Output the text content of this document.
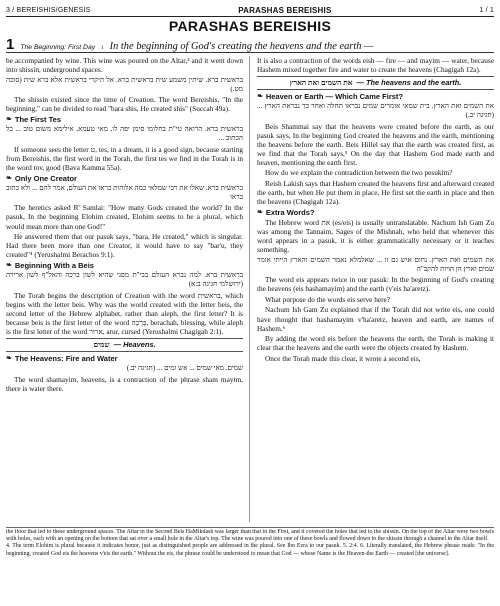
3 / BEREISHIS/GENESIS	PARASHAS BEREISHIS	1 / 1
PARASHAS BEREISHIS
1 The Beginning: First Day 1 In the beginning of God's creating the heavens and the earth —

be accompanied by wine. This wine was poured on the Altar,³ and it went down into shissin, underground spaces.

בראשית ברא. שיתין משמע שית בראשית ברא. אל תיקרי בראשית אלא ברא שית (סוכה מט.)

The shissin existed since the time of Creation. The word Bereishis, "In the beginning," can be divided to read "bara shis, He created shis" (Succah 49a).

❧ The First Tes

בראשית ברא. הרואה טי"ת בחלומו סימן יפה לו, מאי טעמא, אילימא משום טוב ... כל הכתוב ...

If someone sees the letter ט, tes, in a dream, it is a good sign, because starting from Bereishis, the first word in the Torah, the first tes we find in the Torah is in the word tov, good (Bava Kamma 55a).

❧ Only One Creator

בראשית ברא. שאלו את רבי שמלאי כמה אלוהות בראו את העולם, אמר להם ... ולא כתוב בראו

The heretics asked R' Samlai: "How many Gods created the world? In the pasuk, In the beginning Elohim created, Elohim seems to be a plural, which would mean more than one God!"

He answered them that our pasuk says, "bara, He created," which is singular. Had there been more than one Creator, it would have to say "bar'u, they created"⁴ (Yerushalmi Berachos 9:1).

❧ Beginning With a Beis

בראשית ברא. למה נברא העולם בבי"ת מפני שהיא לשון ברכה והאל"ף לשון ארירה (ירושלמי חגיגה ב:א)

The Torah begins the description of Creation with the word בראשית, which begins with the letter beis. Why was the world created with the letter beis, the second letter of the Hebrew alphabet, rather than aleph, the first letter? It is because beis is the first letter of the word בְּרָכָה, berachah, blessing, while aleph is the first letter of the word ארור, arur, cursed (Yerushalmi Chagigah 2:1).

שמים — Heavens.
❧ The Heavens: Fire and Water

שמים. מאי שמים ... אש ומים ... (חגיגה יב.)

The word shamayim, heavens, is a contraction of the phrase sham mayim, there is water there.

It is also a contraction of the words eish — fire — and mayim — water, because Hashem mixed together fire and water to create the heavens (Chagigah 12a).

את השמים ואת הארץ — The heavens and the earth.
❧ Heaven or Earth — Which Came First?

את השמים ואת הארץ. בית שמאי אומרים שמים נבראו תחלה ואחר כך נבראת הארץ ... (חגיגה יב.)

Beis Shammai say that the heavens were created before the earth, as our pasuk says, In the beginning God created the heavens and the earth, mentioning the heavens before the earth. Beis Hillel say that the earth was created first, as we find that the Torah says,⁵ On the day that Hashem God made earth and heaven, mentioning the earth first.

How do we explain the contradiction between the two pesukim?

Reish Lakish says that Hashem created the heavens first and afterward created the earth, but when He put them in place, He first set the earth in place and then the heavens (Chagigah 12a).

❧ Extra Words?

The Hebrew word את (es/eis) is usually untranslatable. Nachum Ish Gam Zu was among the Tannaim, Sages of the Mishnah, who held that whenever this word appears in a pasuk, it is either grammatically necessary or it teaches something.

את השמים ואת הארץ. נחום איש גם זו ... שאלמלא נאמר השמים והארץ הייתי אומר שמים וארץ הן הויות להקב"ה

The word eis appears twice in our pasuk: In the beginning of God's creating the heavens (eis hashamayim) and the earth (v'eis ha'aretz).

What purpose do the words eis serve here?

Nachum Ish Gam Zu explained that if the Torah did not write eis, one could have thought that hashamayim v'ha'aretz, heaven and earth, are names of Hashem.⁶

By adding the word eis before the heavens the earth, the Torah is making it clear that the heavens and the earth were the objects created by Hashem.

Once the Torah made this clear, it wrote a second eis,

the floor that led to these underground spaces. The Altar in the Second Beis HaMikdash was larger than that in the First, and it covered the holes that led to the shissin. On the top of the Altar were two bowls with holes, each with an opening on the bottom that sat over a small hole in the Altar's top. The wine was poured into one of these bowls and flowed down to the shissin through a channel in the Altar itself.

4. The term Elohim is plural because it indicates honor, just as distinguished people are addressed in the plural. See Ibn Ezra to our pasuk. 5. 2:4. 6. Literally translated, the Hebrew phrase reads: "In the beginning, created God eis the heavens v'eis the earth." Without the eis, the phrase could be understood to mean that God — whose Name is the Heaven-the Earth — created [the universe].
